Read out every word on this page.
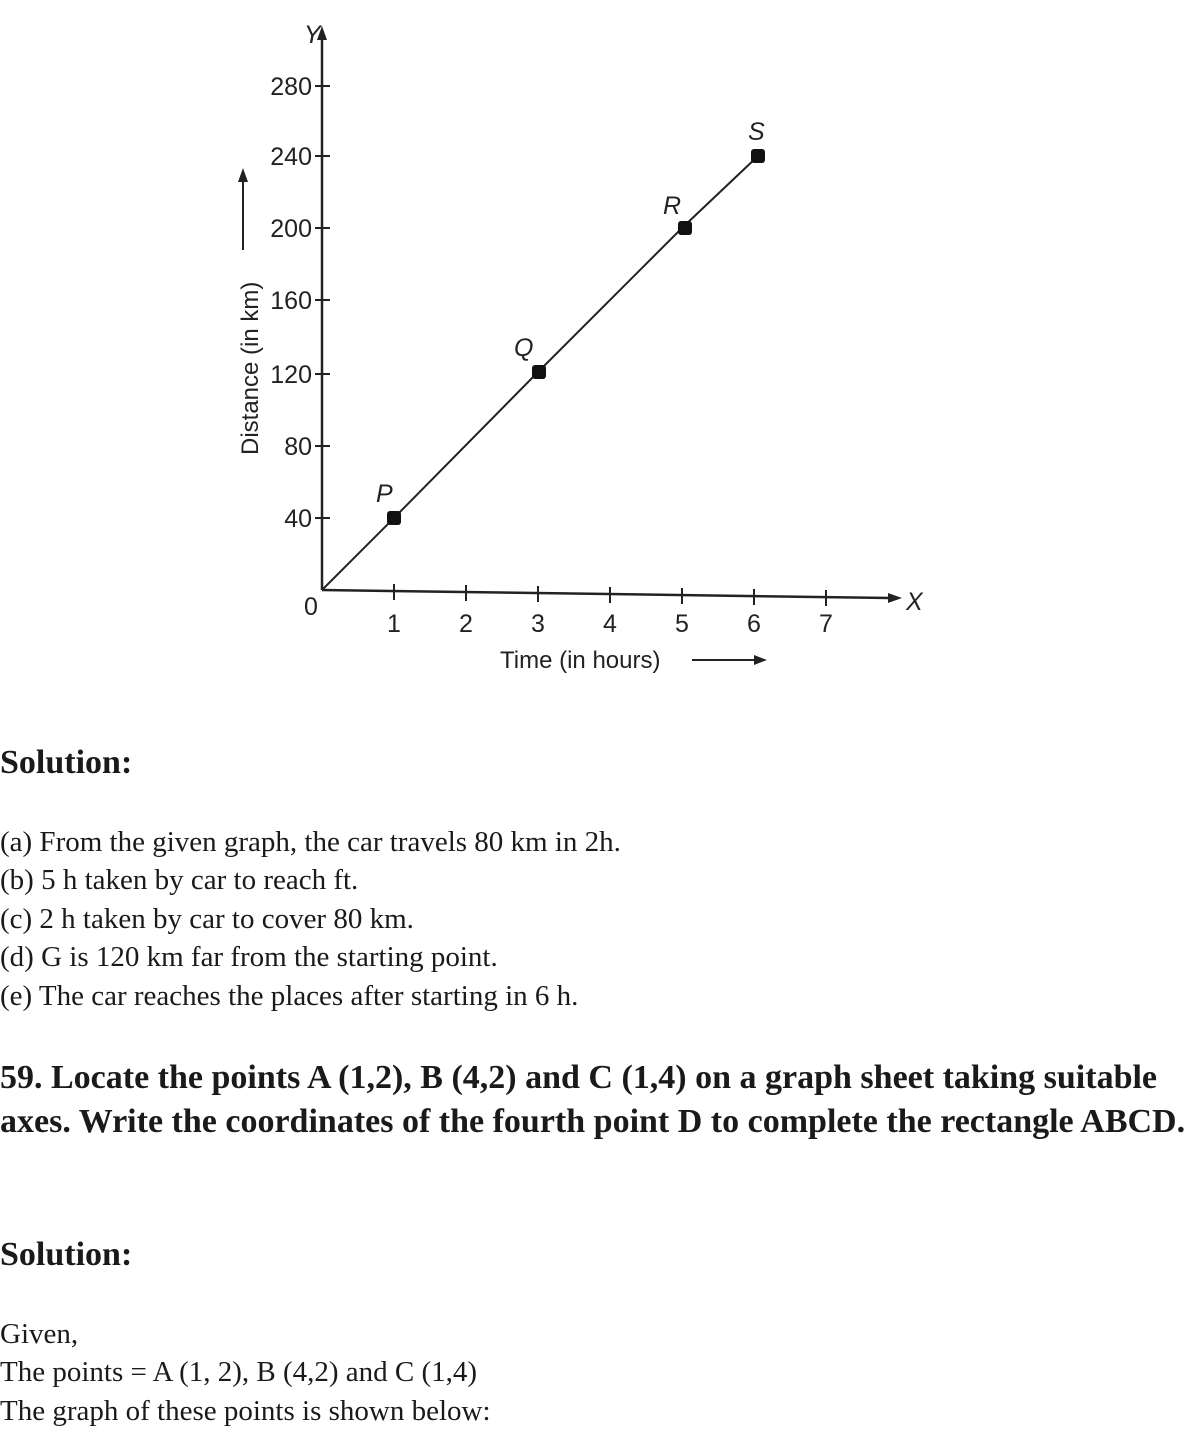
Y
X
0
40
80
120
160
200
240
280
1 2 3 4 5 6 7
Time (in hours)
Distance (in km)
P
Q
R
S
Solution:
(a) From the given graph, the car travels 80 km in 2h.
(b) 5 h taken by car to reach ft.
(c) 2 h taken by car to cover 80 km.
(d) G is 120 km far from the starting point.
(e) The car reaches the places after starting in 6 h.
59. Locate the points A (1,2), B (4,2) and C (1,4) on a graph sheet taking suitable axes. Write the coordinates of the fourth point D to complete the rectangle ABCD.
Solution:
Given,
The points = A (1, 2), B (4,2) and C (1,4)
The graph of these points is shown below:
